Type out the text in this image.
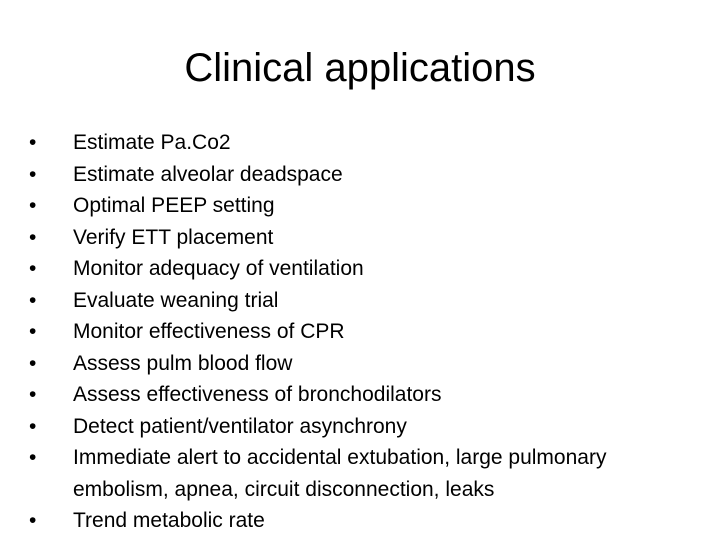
Clinical applications
•	Estimate Pa.Co2
•	Estimate alveolar deadspace
•	Optimal PEEP setting
•	Verify ETT placement
•	Monitor adequacy of ventilation
•	Evaluate weaning trial
•	Monitor effectiveness of CPR
•	Assess pulm blood flow
•	Assess effectiveness of bronchodilators
•	Detect patient/ventilator asynchrony
•	Immediate alert to accidental extubation, large pulmonary embolism, apnea, circuit disconnection, leaks
•	Trend metabolic rate
